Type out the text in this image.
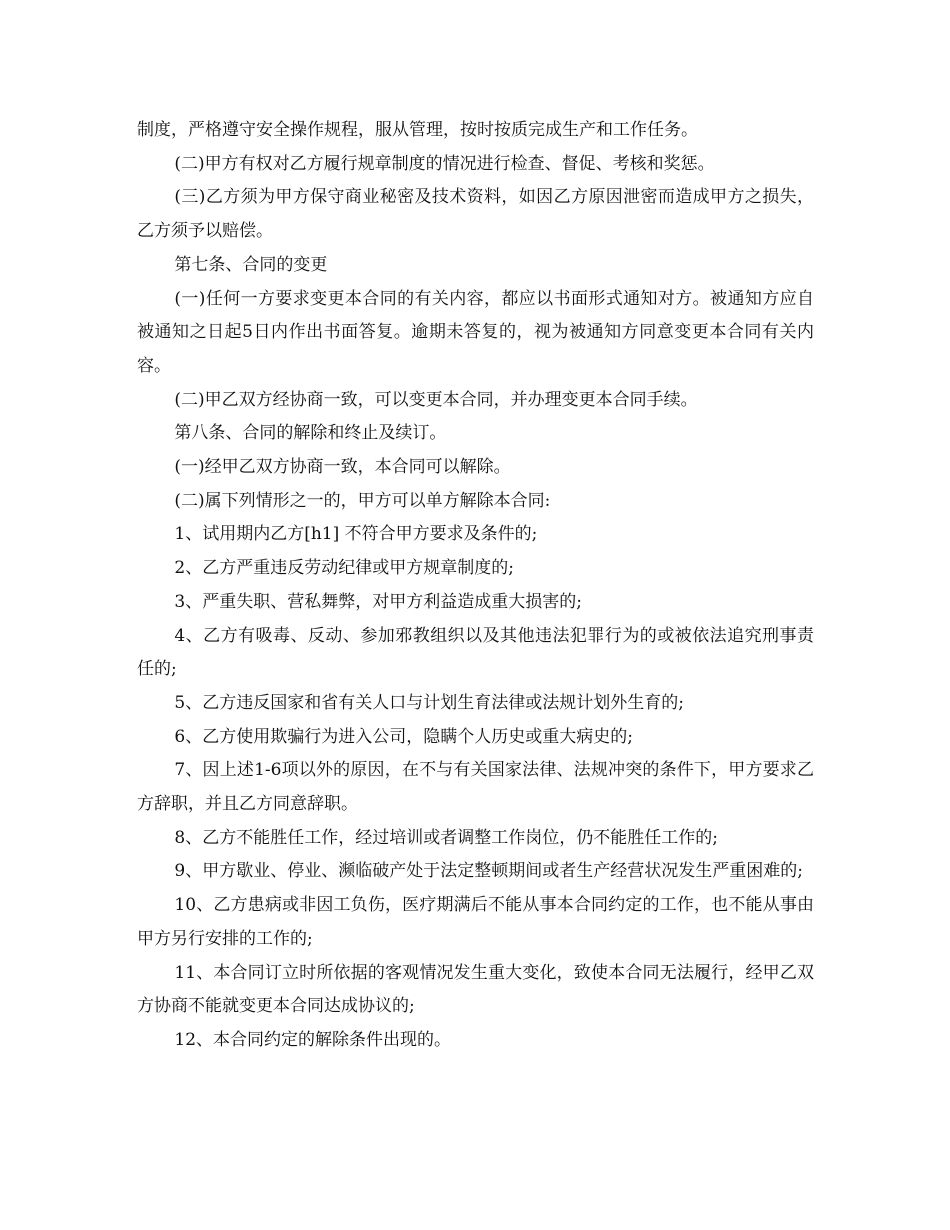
制度，严格遵守安全操作规程，服从管理，按时按质完成生产和工作任务。

(二)甲方有权对乙方履行规章制度的情况进行检查、督促、考核和奖惩。

(三)乙方须为甲方保守商业秘密及技术资料，如因乙方原因泄密而造成甲方之损失，乙方须予以赔偿。

第七条、合同的变更

(一)任何一方要求变更本合同的有关内容，都应以书面形式通知对方。被通知方应自被通知之日起5日内作出书面答复。逾期未答复的，视为被通知方同意变更本合同有关内容。

(二)甲乙双方经协商一致，可以变更本合同，并办理变更本合同手续。

第八条、合同的解除和终止及续订。

(一)经甲乙双方协商一致，本合同可以解除。

(二)属下列情形之一的，甲方可以单方解除本合同:

1、试用期内乙方[h1] 不符合甲方要求及条件的;

2、乙方严重违反劳动纪律或甲方规章制度的;

3、严重失职、营私舞弊，对甲方利益造成重大损害的;

4、乙方有吸毒、反动、参加邪教组织以及其他违法犯罪行为的或被依法追究刑事责任的;

5、乙方违反国家和省有关人口与计划生育法律或法规计划外生育的;

6、乙方使用欺骗行为进入公司，隐瞒个人历史或重大病史的;

7、因上述1-6项以外的原因，在不与有关国家法律、法规冲突的条件下，甲方要求乙方辞职，并且乙方同意辞职。

8、乙方不能胜任工作，经过培训或者调整工作岗位，仍不能胜任工作的;

9、甲方歇业、停业、濒临破产处于法定整顿期间或者生产经营状况发生严重困难的;

10、乙方患病或非因工负伤，医疗期满后不能从事本合同约定的工作，也不能从事由甲方另行安排的工作的;

11、本合同订立时所依据的客观情况发生重大变化，致使本合同无法履行，经甲乙双方协商不能就变更本合同达成协议的;

12、本合同约定的解除条件出现的。
